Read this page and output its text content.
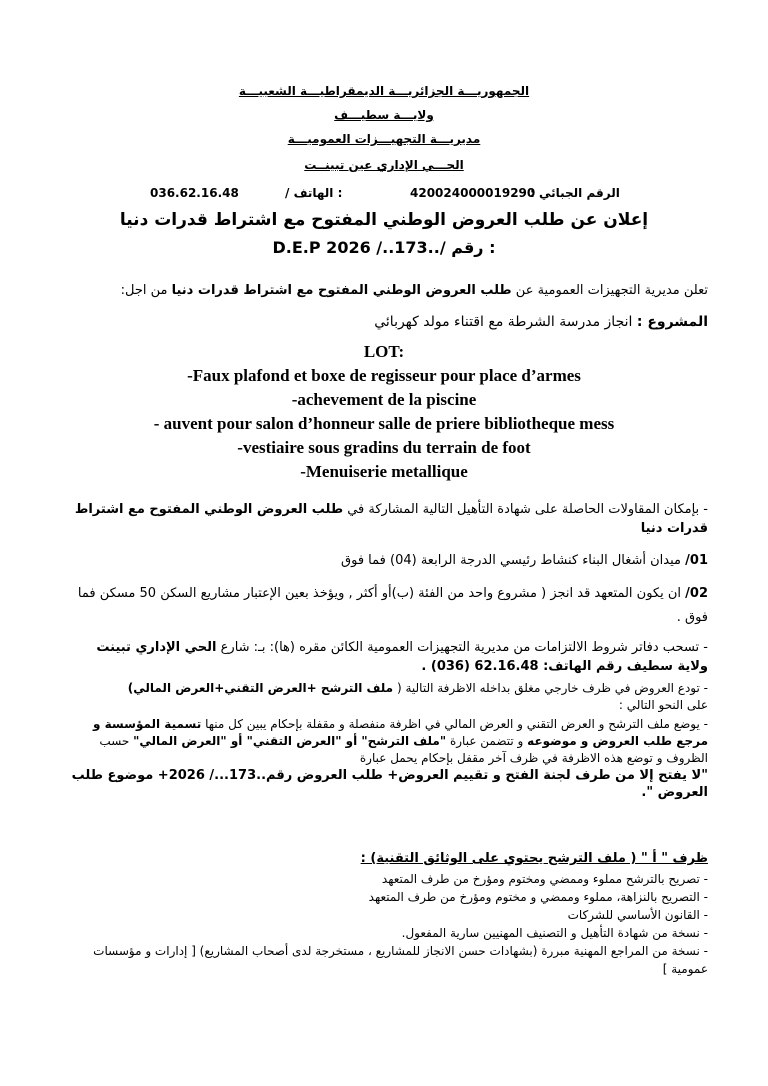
الجمهوريـــة الجزائريـــة الديمقراطيـــة الشعبيـــة
ولايـــة سطيـــف
مديريـــة التجهيـــزات العموميـــة
الحـــي الإداري عين تبينــت
036.62.16.48	/ الهاتف :	420024000019290
الرقم الجبائي :
إعلان عن طلب العروض الوطني المفتوح مع اشتراط قدرات دنيا
D.E.P 2026 /..173../ رقم :
تعلن مديرية التجهيزات العمومية عن طلب العروض الوطني المفتوح مع اشتراط قدرات دنيا من اجل:
المشروع : انجاز مدرسة الشرطة مع اقتناء مولد كهربائي
LOT:
-Faux plafond et boxe de regisseur pour place d’armes
-achevement de la piscine
- auvent pour salon d’honneur salle de priere bibliotheque mess
-vestiaire sous gradins du terrain de foot
-Menuiserie metallique
- بإمكان المقاولات الحاصلة على شهادة التأهيل التالية المشاركة في طلب العروض الوطني المفتوح مع اشتراط قدرات دنيا
01/ ميدان أشغال البناء كنشاط رئيسي الدرجة الرابعة (04) فما فوق
02/ ان يكون المتعهد قد انجز ( مشروع واحد من الفئة (ب)أو أكثر , ويؤخذ بعين الإعتبار مشاريع السكن 50 مسكن فما فوق .
- تسحب دفاتر شروط الالتزامات من مديرية التجهيزات العمومية الكائن مقره (ها): بـ: شارع الحي الإداري تبينت ولاية سطيف رقم الهاتف: 62.16.48 (036) .
- تودع العروض في ظرف خارجي مغلق بداخله الاظرفة التالية ( ملف الترشح +العرض التقني+العرض المالي)
على النحو التالي :
- يوضع ملف الترشح و العرض التقني و العرض المالي في اظرفة منفصلة و مقفلة بإحكام يبين كل منها تسمية المؤسسة و مرجع طلب العروض و موضوعه و تتضمن عبارة "ملف الترشح" أو "العرض التقني" أو "العرض المالي" حسب الظروف و توضع هذه الاظرفة في ظرف آخر مقفل بإحكام يحمل عبارة
"لا يفتح إلا من طرف لجنة الفتح و تقييم العروض+ طلب العروض رقم..173.../ 2026+ موضوع طلب العروض ".
ظرف " أ " ( ملف الترشح يحتوي على الوثائق التقنية) :
- تصريح بالترشح مملوء وممضي ومختوم ومؤرخ من طرف المتعهد
- التصريح بالنزاهة، مملوء وممضي و مختوم ومؤرخ من طرف المتعهد
- القانون الأساسي للشركات
- نسخة من شهادة التأهيل و التصنيف المهنيين سارية المفعول.
- نسخة من المراجع المهنية مبررة (بشهادات حسن الانجاز للمشاريع ، مستخرجة لدى أصحاب المشاريع) [ إدارات و مؤسسات عمومية ]
